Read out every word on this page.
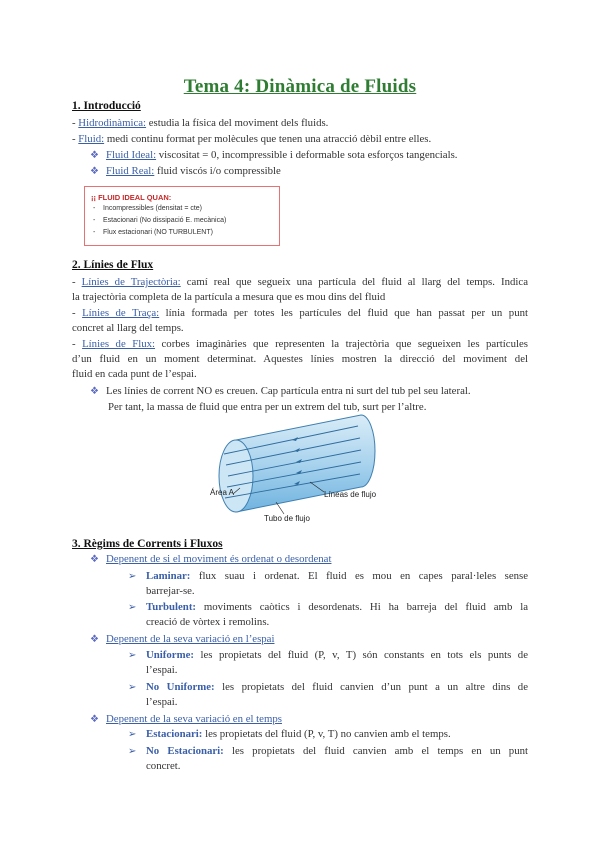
Tema 4: Dinàmica de Fluids
1. Introducció
- Hidrodinàmica: estudia la física del moviment dels fluids.
- Fluid: medi continu format per molècules que tenen una atracció dèbil entre elles.
❖ Fluid Ideal: viscositat = 0, incompressible i deformable sota esforços tangencials.
❖ Fluid Real: fluid viscós i/o compressible
¡¡ FLUID IDEAL QUAN:
- Incompressibles (densitat = cte)
- Estacionari (No dissipació E. mecànica)
- Flux estacionari (NO TURBULENT)
2. Línies de Flux
- Línies de Trajectòria: camí real que segueix una partícula del fluid al llarg del temps. Indica
la trajectòria completa de la partícula a mesura que es mou dins del fluid
- Línies de Traça: línia formada per totes les partícules del fluid que han passat per un punt
concret al llarg del temps.
- Línies de Flux: corbes imaginàries que representen la trajectòria que segueixen les partícules
d’un fluid en un moment determinat. Aquestes línies mostren la direcció del moviment del
fluid en cada punt de l’espai.
❖ Les línies de corrent NO es creuen. Cap partícula entra ni surt del tub pel seu lateral.
Per tant, la massa de fluid que entra per un extrem del tub, surt per l’altre.
Área A	Líneas de flujo
Tubo de flujo
3. Règims de Corrents i Fluxos
❖ Depenent de si el moviment és ordenat o desordenat
➢ Laminar: flux suau i ordenat. El fluid es mou en capes paral·leles sense
barrejar-se.
➢ Turbulent: moviments caòtics i desordenats. Hi ha barreja del fluid amb la
creació de vòrtex i remolins.
❖ Depenent de la seva variació en l’espai
➢ Uniforme: les propietats del fluid (P, v, T) són constants en tots els punts de
l’espai.
➢ No Uniforme: les propietats del fluid canvien d’un punt a un altre dins de
l’espai.
❖ Depenent de la seva variació en el temps
➢ Estacionari: les propietats del fluid (P, v, T) no canvien amb el temps.
➢ No Estacionari: les propietats del fluid canvien amb el temps en un punt
concret.
